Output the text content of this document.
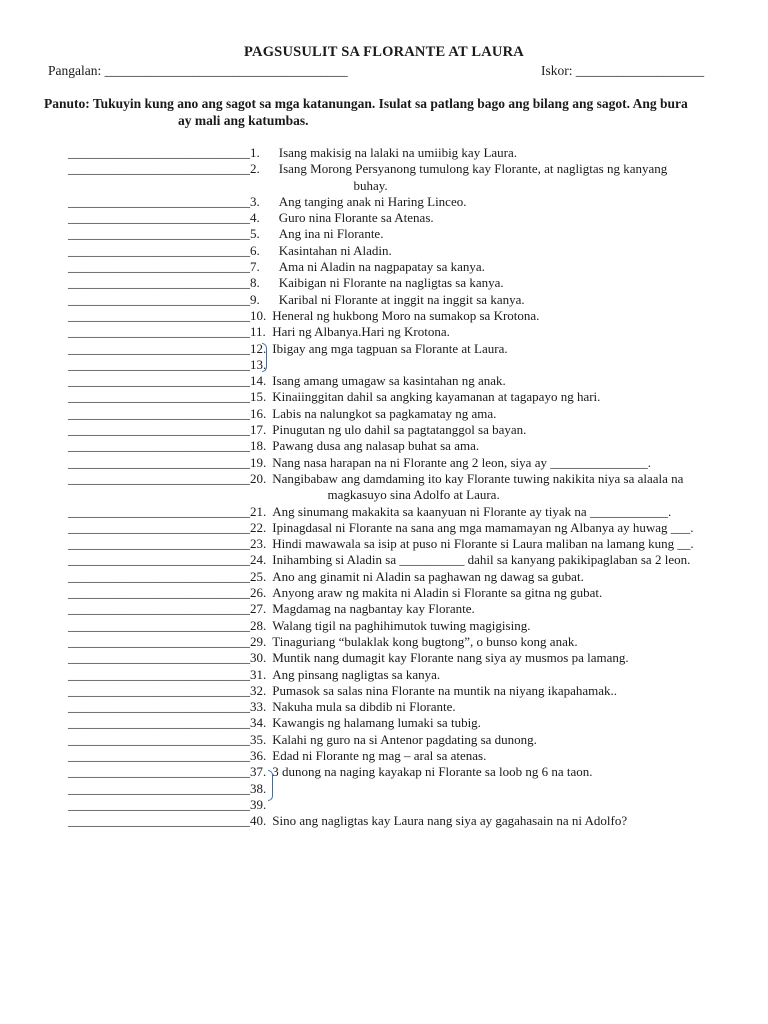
PAGSUSULIT SA FLORANTE AT LAURA
Pangalan: ____________________________________	Iskor: ___________________
Panuto: Tukuyin kung ano ang sagot sa mga katanungan. Isulat sa patlang bago ang bilang ang sagot. Ang bura
ay mali ang katumbas.
____________________________1. Isang makisig na lalaki na umiibig kay Laura.
____________________________2.	Isang Morong Persyanong tumulong kay Florante, at nagligtas ng kanyang
buhay.
____________________________3. Ang tanging anak ni Haring Linceo.
____________________________4. Guro nina Florante sa Atenas.
____________________________5. Ang ina ni Florante.
____________________________6. Kasintahan ni Aladin.
____________________________7. Ama ni Aladin na nagpapatay sa kanya.
____________________________8. Kaibigan ni Florante na nagligtas sa kanya.
____________________________9. Karibal ni Florante at inggit na inggit sa kanya.
____________________________10. Heneral ng hukbong Moro na sumakop sa Krotona.
____________________________11. Hari ng Albanya.Hari ng Krotona.
____________________________12. Ibigay ang mga tagpuan sa Florante at Laura.
____________________________13.
____________________________14. Isang amang umagaw sa kasintahan ng anak.
____________________________15. Kinaiinggitan dahil sa angking kayamanan at tagapayo ng hari.
____________________________16. Labis na nalungkot sa pagkamatay ng ama.
____________________________17. Pinugutan ng ulo dahil sa pagtatanggol sa bayan.
____________________________18. Pawang dusa ang nalasap buhat sa ama.
____________________________19. Nang nasa harapan na ni Florante ang 2 leon, siya ay _______________.
____________________________20. Nangibabaw ang damdaming ito kay Florante tuwing nakikita niya sa alaala na
magkasuyo sina Adolfo at Laura.
____________________________21. Ang sinumang makakita sa kaanyuan ni Florante ay tiyak na ____________.
____________________________22. Ipinagdasal ni Florante na sana ang mga mamamayan ng Albanya ay huwag ___.
____________________________23. Hindi mawawala sa isip at puso ni Florante si Laura maliban na lamang kung __.
____________________________24. Inihambing si Aladin sa __________ dahil sa kanyang pakikipaglaban sa 2 leon.
____________________________25. Ano ang ginamit ni Aladin sa paghawan ng dawag sa gubat.
____________________________26. Anyong araw ng makita ni Aladin si Florante sa gitna ng gubat.
____________________________27. Magdamag na nagbantay kay Florante.
____________________________28. Walang tigil na paghihimutok tuwing magigising.
____________________________29. Tinaguriang “bulaklak kong bugtong”, o bunso kong anak.
____________________________30. Muntik nang dumagit kay Florante nang siya ay musmos pa lamang.
____________________________31. Ang pinsang nagligtas sa kanya.
____________________________32. Pumasok sa salas nina Florante na muntik na niyang ikapahamak..
____________________________33. Nakuha mula sa dibdib ni Florante.
____________________________34. Kawangis ng halamang lumaki sa tubig.
____________________________35. Kalahi ng guro na si Antenor pagdating sa dunong.
____________________________36. Edad ni Florante ng mag – aral sa atenas.
____________________________37. 3 dunong na naging kayakap ni Florante sa loob ng 6 na taon.
____________________________38.
____________________________39.
____________________________40. Sino ang nagligtas kay Laura nang siya ay gagahasain na ni Adolfo?
